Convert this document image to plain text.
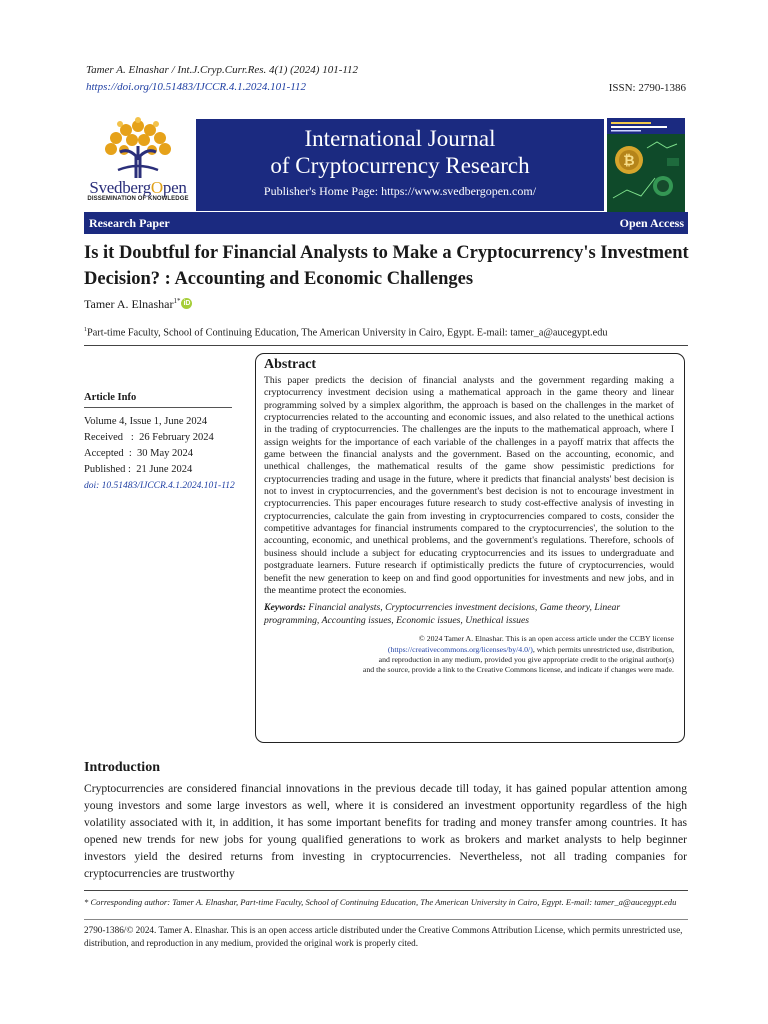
Tamer A. Elnashar / Int.J.Cryp.Curr.Res. 4(1) (2024) 101-112
https://doi.org/10.51483/IJCCR.4.1.2024.101-112	ISSN: 2790-1386
SvedbergOpen
DISSEMINATION OF KNOWLEDGE
International Journal
of Cryptocurrency Research
Publisher's Home Page: https://www.svedbergopen.com/
₿
Research Paper	Open Access
Is it Doubtful for Financial Analysts to Make a Cryptocurrency's Investment Decision? : Accounting and Economic Challenges
Tamer A. Elnashar$^{1*}$ iD
$^1$Part-time Faculty, School of Continuing Education, The American University in Cairo, Egypt. E-mail: tamer_a@aucegypt.edu
Article Info
Volume 4, Issue 1, June 2024
Received   :  26 February 2024
Accepted  :  30 May 2024
Published :  21 June 2024
doi: 10.51483/IJCCR.4.1.2024.101-112
Abstract
This paper predicts the decision of financial analysts and the government regarding making a cryptocurrency investment decision using a mathematical approach in the game theory and linear programming solved by a simplex algorithm, the approach is based on the challenges in the market of cryptocurrencies related to the accounting and economic issues, and also related to the unethical actions in the trading of cryptocurrencies. The challenges are the inputs to the mathematical approach, where I assign weights for the importance of each variable of the challenges in a payoff matrix that affects the game between the financial analysts and the government. Based on the accounting, economic, and unethical challenges, the mathematical results of the game show pessimistic predictions for cryptocurrencies trading and usage in the future, where it predicts that financial analysts' best decision is not to invest in cryptocurrencies, and the government's best decision is not to encourage investment in cryptocurrencies. This paper encourages future research to study cost-effective analysis of investing in cryptocurrencies, calculate the gain from investing in cryptocurrencies compared to costs, consider the competitive advantages for financial instruments compared to the cryptocurrencies', the solution to the accounting, economic, and unethical problems, and the government's regulations. Therefore, schools of business should include a subject for educating cryptocurrencies and its issues to undergraduate and postgraduate learners. Future research if optimistically predicts the future of cryptocurrencies, would benefit the new generation to keep on and find good opportunities for investments and new jobs, and in the meantime protect the economies.
Keywords: Financial analysts, Cryptocurrencies investment decisions, Game theory, Linear programming, Accounting issues, Economic issues, Unethical issues
© 2024 Tamer A. Elnashar. This is an open access article under the CCBY license
(https://creativecommons.org/licenses/by/4.0/), which permits unrestricted use, distribution,
and reproduction in any medium, provided you give appropriate credit to the original author(s)
and the source, provide a link to the Creative Commons license, and indicate if changes were made.
Introduction
Cryptocurrencies are considered financial innovations in the previous decade till today, it has gained popular attention among young investors and some large investors as well, where it is considered an investment opportunity regardless of the high volatility associated with it, in addition, it has some important benefits for trading and money transfer among countries. It has opened new trends for new jobs for young qualified generations to work as brokers and market analysts to help beginner investors yield the desired returns from investing in cryptocurrencies. Nevertheless, not all trading companies for cryptocurrencies are trustworthy
* Corresponding author: Tamer A. Elnashar, Part-time Faculty, School of Continuing Education, The American University in Cairo, Egypt. E-mail: tamer_a@aucegypt.edu
2790-1386/© 2024. Tamer A. Elnashar. This is an open access article distributed under the Creative Commons Attribution License, which permits unrestricted use, distribution, and reproduction in any medium, provided the original work is properly cited.
